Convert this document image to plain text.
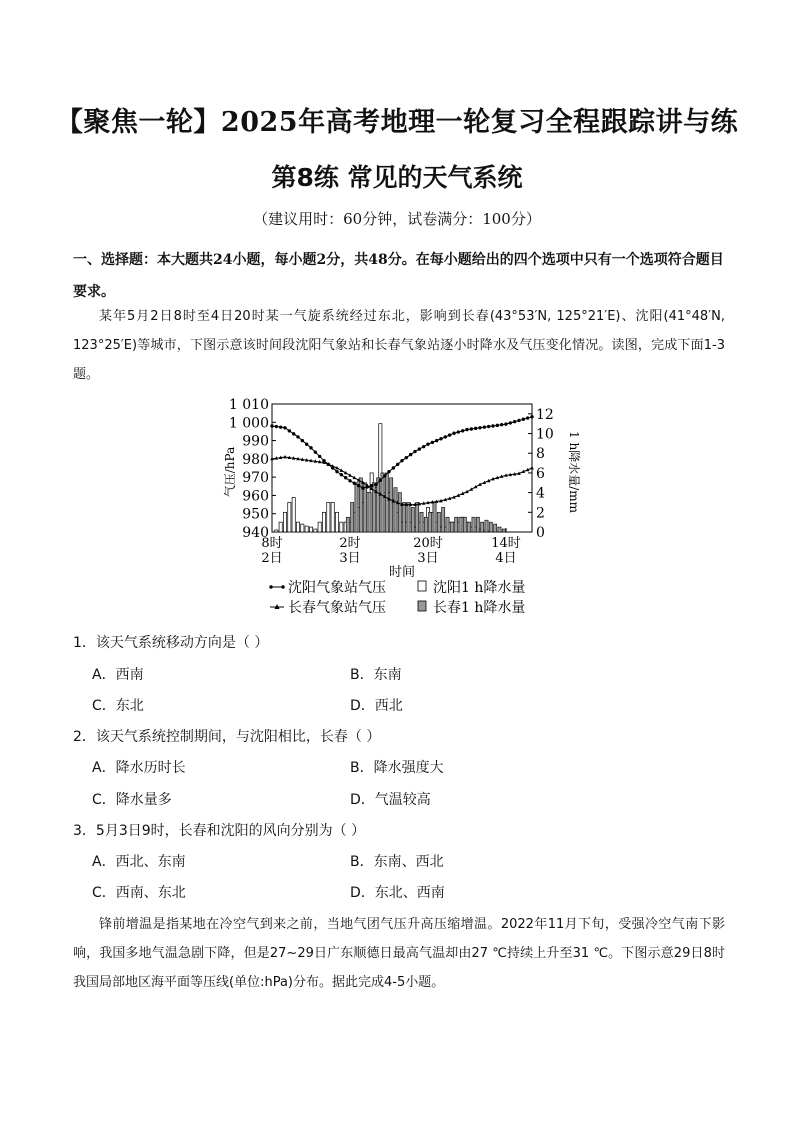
【聚焦一轮】2025年高考地理一轮复习全程跟踪讲与练
第8练 常见的天气系统
（建议用时：60分钟，试卷满分：100分）
一、选择题：本大题共24小题，每小题2分，共48分。在每小题给出的四个选项中只有一个选项符合题目要求。
某年5月2日8时至4日20时某一气旋系统经过东北，影响到长春(43°53′N, 125°21′E)、沈阳(41°48′N, 123°25′E)等城市，下图示意该时间段沈阳气象站和长春气象站逐小时降水及气压变化情况。读图，完成下面1-3题。
940
950
960
970
980
990
1 000
1 010
0
2
4
6
8
10
12
8时
2日
2时
3日
20时
3日
14时
4日
气压/hPa	1 h降水量/mm
时间
沈阳气象站气压	沈阳1 h降水量
长春气象站气压	长春1 h降水量
1．该天气系统移动方向是（ ）
A．西南	B．东南
C．东北	D．西北
2．该天气系统控制期间，与沈阳相比，长春（ ）
A．降水历时长	B．降水强度大
C．降水量多	D．气温较高
3．5月3日9时，长春和沈阳的风向分别为（ ）
A．西北、东南	B．东南、西北
C．西南、东北	D．东北、西南
锋前增温是指某地在冷空气到来之前，当地气团气压升高压缩增温。2022年11月下旬，受强冷空气南下影响，我国多地气温急剧下降，但是27~29日广东顺德日最高气温却由27 ℃持续上升至31 ℃。下图示意29日8时我国局部地区海平面等压线(单位:hPa)分布。据此完成4-5小题。
